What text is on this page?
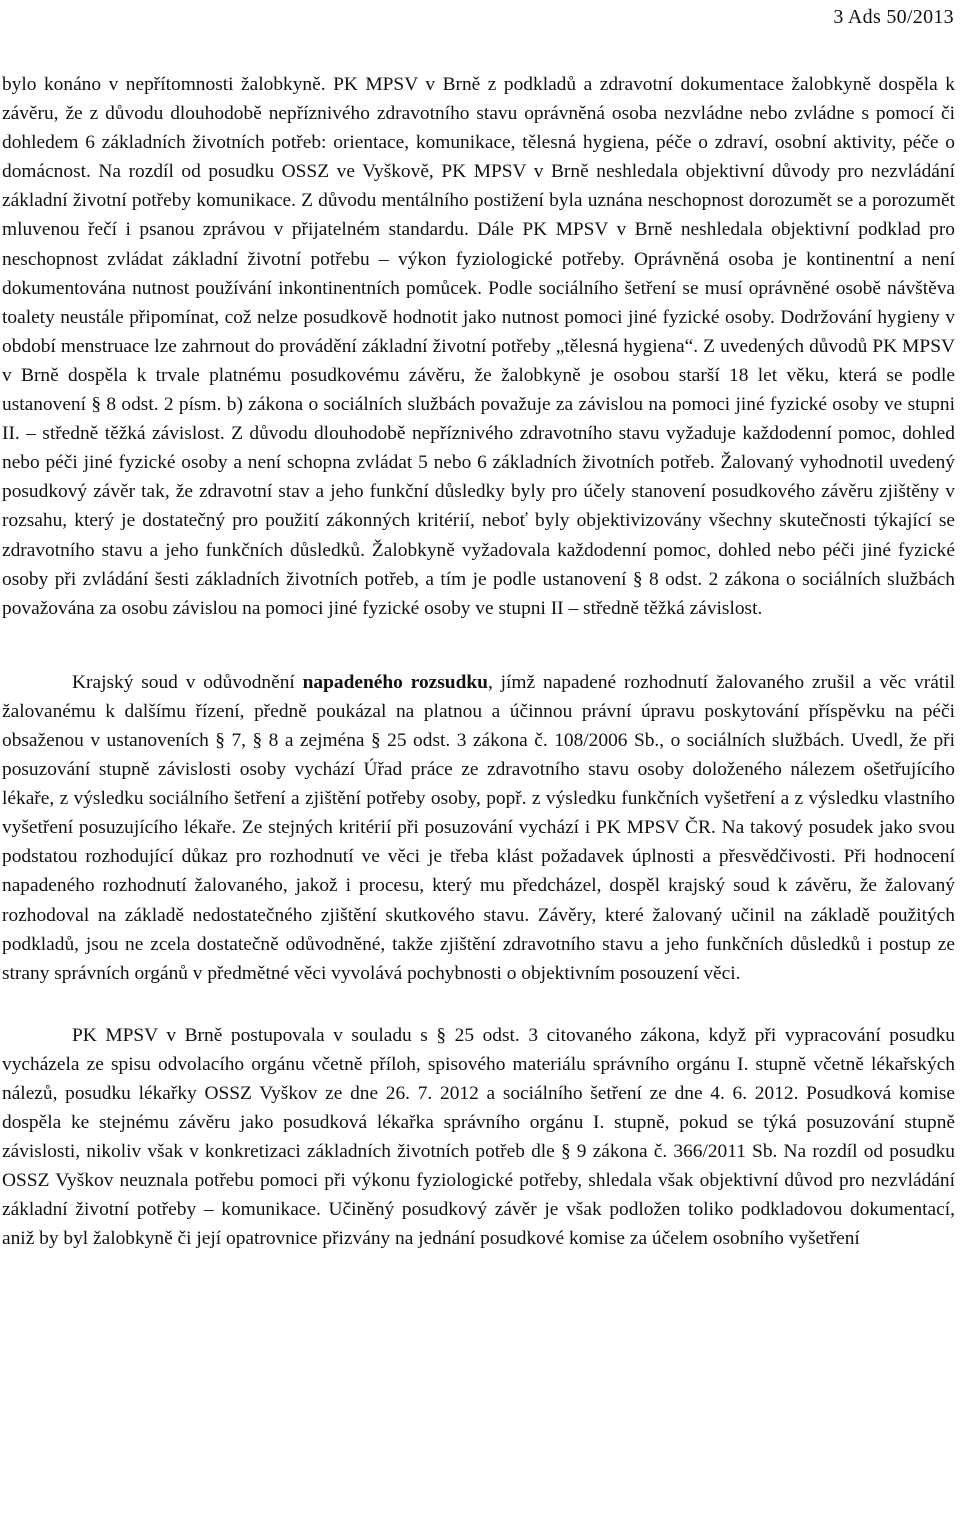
3 Ads 50/2013

bylo konáno v nepřítomnosti žalobkyně. PK MPSV v Brně z podkladů a zdravotní dokumentace žalobkyně dospěla k závěru, že z důvodu dlouhodobě nepříznivého zdravotního stavu oprávněná osoba nezvládne nebo zvládne s pomocí či dohledem 6 základních životních potřeb: orientace, komunikace, tělesná hygiena, péče o zdraví, osobní aktivity, péče o domácnost. Na rozdíl od posudku OSSZ ve Vyškově, PK MPSV v Brně neshledala objektivní důvody pro nezvládání základní životní potřeby komunikace. Z důvodu mentálního postižení byla uznána neschopnost dorozumět se a porozumět mluvenou řečí i psanou zprávou v přijatelném standardu. Dále PK MPSV v Brně neshledala objektivní podklad pro neschopnost zvládat základní životní potřebu – výkon fyziologické potřeby. Oprávněná osoba je kontinentní a není dokumentována nutnost používání inkontinentních pomůcek. Podle sociálního šetření se musí oprávněné osobě návštěva toalety neustále připomínat, což nelze posudkově hodnotit jako nutnost pomoci jiné fyzické osoby. Dodržování hygieny v období menstruace lze zahrnout do provádění základní životní potřeby „tělesná hygiena“. Z uvedených důvodů PK MPSV v Brně dospěla k trvale platnému posudkovému závěru, že žalobkyně je osobou starší 18 let věku, která se podle ustanovení § 8 odst. 2 písm. b) zákona o sociálních službách považuje za závislou na pomoci jiné fyzické osoby ve stupni II. – středně těžká závislost. Z důvodu dlouhodobě nepříznivého zdravotního stavu vyžaduje každodenní pomoc, dohled nebo péči jiné fyzické osoby a není schopna zvládat 5 nebo 6 základních životních potřeb. Žalovaný vyhodnotil uvedený posudkový závěr tak, že zdravotní stav a jeho funkční důsledky byly pro účely stanovení posudkového závěru zjištěny v rozsahu, který je dostatečný pro použití zákonných kritérií, neboť byly objektivizovány všechny skutečnosti týkající se zdravotního stavu a jeho funkčních důsledků. Žalobkyně vyžadovala každodenní pomoc, dohled nebo péči jiné fyzické osoby při zvládání šesti základních životních potřeb, a tím je podle ustanovení § 8 odst. 2 zákona o sociálních službách považována za osobu závislou na pomoci jiné fyzické osoby ve stupni II – středně těžká závislost.

Krajský soud v odůvodnění napadeného rozsudku, jímž napadené rozhodnutí žalovaného zrušil a věc vrátil žalovanému k dalšímu řízení, předně poukázal na platnou a účinnou právní úpravu poskytování příspěvku na péči obsaženou v ustanoveních § 7, § 8 a zejména § 25 odst. 3 zákona č. 108/2006 Sb., o sociálních službách. Uvedl, že při posuzování stupně závislosti osoby vychází Úřad práce ze zdravotního stavu osoby doloženého nálezem ošetřujícího lékaře, z výsledku sociálního šetření a zjištění potřeby osoby, popř. z výsledku funkčních vyšetření a z výsledku vlastního vyšetření posuzujícího lékaře. Ze stejných kritérií při posuzování vychází i PK MPSV ČR. Na takový posudek jako svou podstatou rozhodující důkaz pro rozhodnutí ve věci je třeba klást požadavek úplnosti a přesvědčivosti. Při hodnocení napadeného rozhodnutí žalovaného, jakož i procesu, který mu předcházel, dospěl krajský soud k závěru, že žalovaný rozhodoval na základě nedostatečného zjištění skutkového stavu. Závěry, které žalovaný učinil na základě použitých podkladů, jsou ne zcela dostatečně odůvodněné, takže zjištění zdravotního stavu a jeho funkčních důsledků i postup ze strany správních orgánů v předmětné věci vyvolává pochybnosti o objektivním posouzení věci.

PK MPSV v Brně postupovala v souladu s § 25 odst. 3 citovaného zákona, když při vypracování posudku vycházela ze spisu odvolacího orgánu včetně příloh, spisového materiálu správního orgánu I. stupně včetně lékařských nálezů, posudku lékařky OSSZ Vyškov ze dne 26. 7. 2012 a sociálního šetření ze dne 4. 6. 2012. Posudková komise dospěla ke stejnému závěru jako posudková lékařka správního orgánu I. stupně, pokud se týká posuzování stupně závislosti, nikoliv však v konkretizaci základních životních potřeb dle § 9 zákona č. 366/2011 Sb. Na rozdíl od posudku OSSZ Vyškov neuznala potřebu pomoci při výkonu fyziologické potřeby, shledala však objektivní důvod pro nezvládání základní životní potřeby – komunikace. Učiněný posudkový závěr je však podložen toliko podkladovou dokumentací, aniž by byl žalobkyně či její opatrovnice přizvány na jednání posudkové komise za účelem osobního vyšetření
